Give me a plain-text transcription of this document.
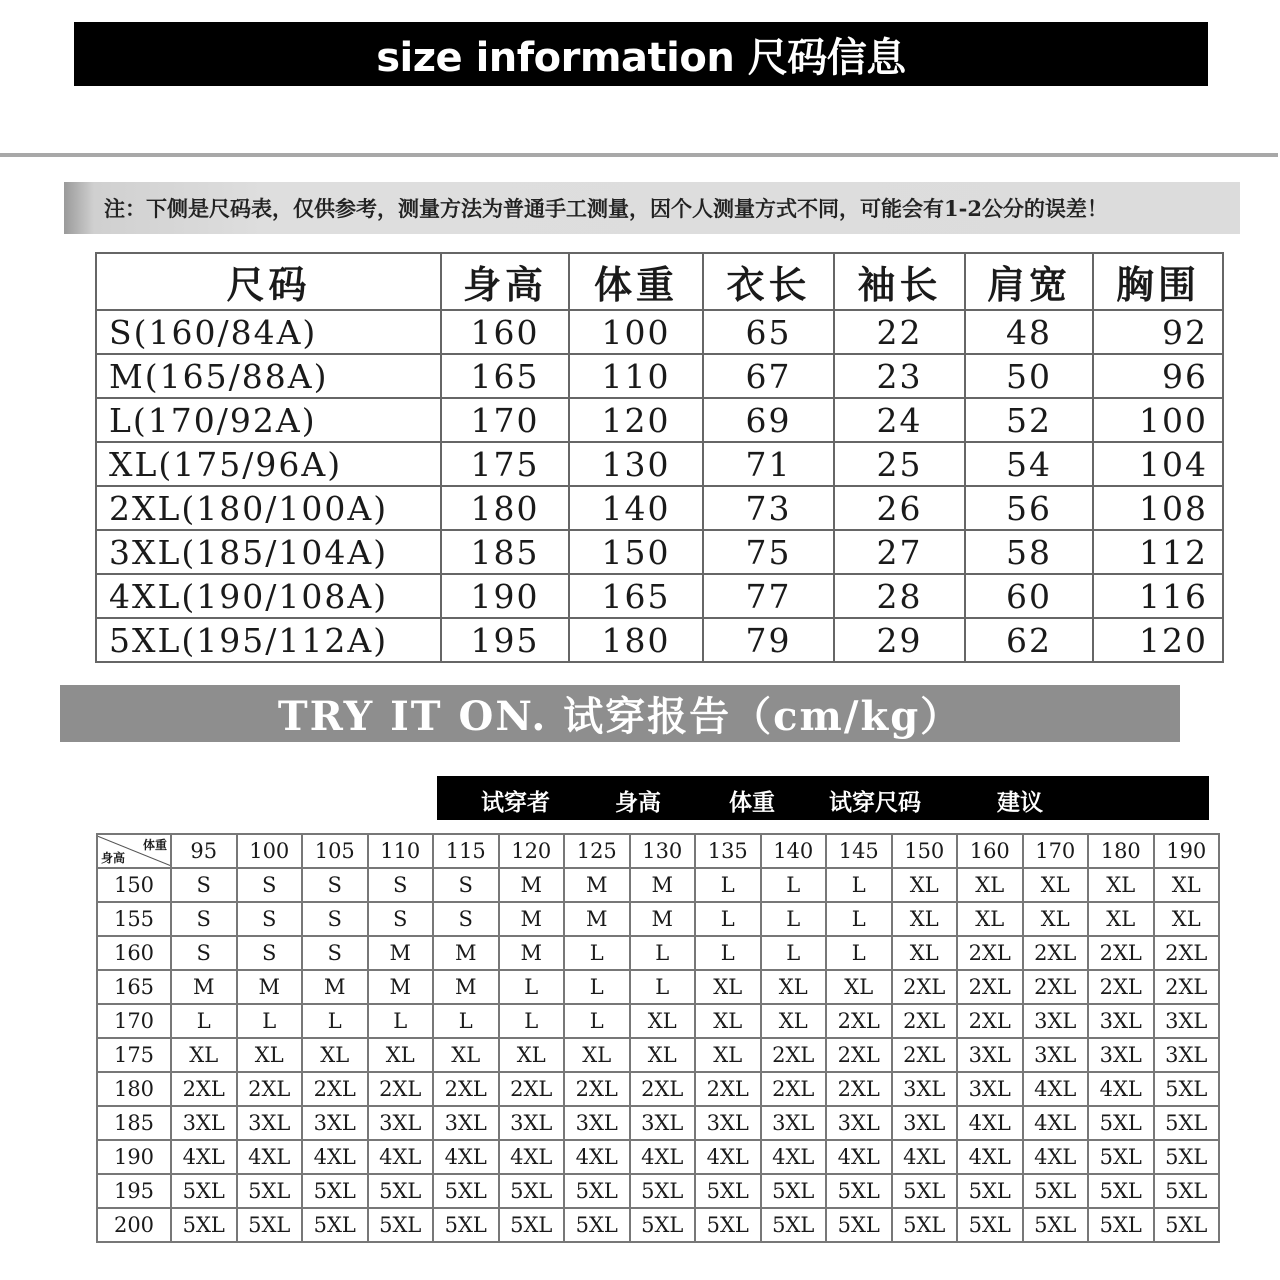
size information 尺码信息
注：下侧是尺码表，仅供参考，测量方法为普通手工测量，因个人测量方式不同，可能会有1-2公分的误差！
尺码	身高	体重	衣长	袖长	肩宽	胸围
S(160/84A)	160	100	65	22	48	92
M(165/88A)	165	110	67	23	50	96
L(170/92A)	170	120	69	24	52	100
XL(175/96A)	175	130	71	25	54	104
2XL(180/100A)	180	140	73	26	56	108
3XL(185/104A)	185	150	75	27	58	112
4XL(190/108A)	190	165	77	28	60	116
5XL(195/112A)	195	180	79	29	62	120
TRY IT ON. 试穿报告（cm/kg）
试穿者	身高	体重 试穿尺码	建议
体重
身高	95	100	105	110	115	120	125	130	135	140	145	150	160	170	180	190
150	S	S	S	S	S	M	M	M	L	L	L	XL	XL	XL	XL	XL
155	S	S	S	S	S	M	M	M	L	L	L	XL	XL	XL	XL	XL
160	S	S	S	M	M	M	L	L	L	L	L	XL	2XL	2XL	2XL	2XL
165	M	M	M	M	M	L	L	L	XL	XL	XL	2XL	2XL	2XL	2XL	2XL
170	L	L	L	L	L	L	L	XL	XL	XL	2XL	2XL	2XL	3XL	3XL	3XL
175	XL	XL	XL	XL	XL	XL	XL	XL	XL	2XL	2XL	2XL	3XL	3XL	3XL	3XL
180	2XL	2XL	2XL	2XL	2XL	2XL	2XL	2XL	2XL	2XL	2XL	3XL	3XL	4XL	4XL	5XL
185	3XL	3XL	3XL	3XL	3XL	3XL	3XL	3XL	3XL	3XL	3XL	3XL	4XL	4XL	5XL	5XL
190	4XL	4XL	4XL	4XL	4XL	4XL	4XL	4XL	4XL	4XL	4XL	4XL	4XL	4XL	5XL	5XL
195	5XL	5XL	5XL	5XL	5XL	5XL	5XL	5XL	5XL	5XL	5XL	5XL	5XL	5XL	5XL	5XL
200	5XL	5XL	5XL	5XL	5XL	5XL	5XL	5XL	5XL	5XL	5XL	5XL	5XL	5XL	5XL	5XL
